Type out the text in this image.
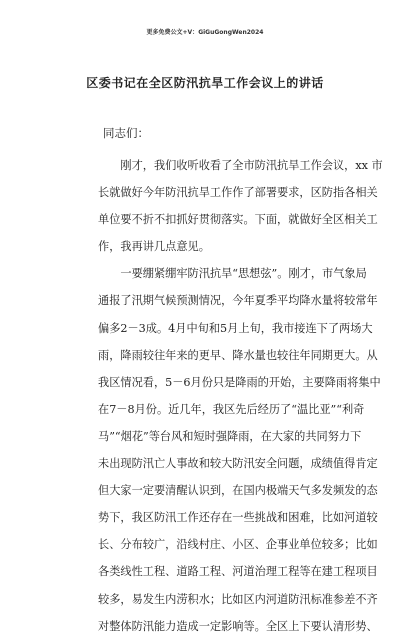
更多免费公文+V：GiGuGongWen2024
区委书记在全区防汛抗旱工作会议上的讲话
同志们：
　　刚才，我们收听收看了全市防汛抗旱工作会议，xx 市
长就做好今年防汛抗旱工作作了部署要求，区防指各相关
单位要不折不扣抓好贯彻落实。下面，就做好全区相关工
作，我再讲几点意见。
　　一要绷紧绷牢防汛抗旱“思想弦”。刚才，市气象局
通报了汛期气候预测情况，今年夏季平均降水量将较常年
偏多2－3成。4月中旬和5月上旬，我市接连下了两场大
雨，降雨较往年来的更早、降水量也较往年同期更大。从
我区情况看，5－6月份只是降雨的开始，主要降雨将集中
在7－8月份。近几年，我区先后经历了“温比亚”“利奇
马”“烟花”等台风和短时强降雨，在大家的共同努力下
未出现防汛亡人事故和较大防汛安全问题，成绩值得肯定
但大家一定要清醒认识到，在国内极端天气多发频发的态
势下，我区防汛工作还存在一些挑战和困难，比如河道较
长、分布较广，沿线村庄、小区、企事业单位较多；比如
各类线性工程、道路工程、河道治理工程等在建工程项目
较多，易发生内涝积水；比如区内河道防汛标准参差不齐
对整体防汛能力造成一定影响等。全区上下要认清形势、
